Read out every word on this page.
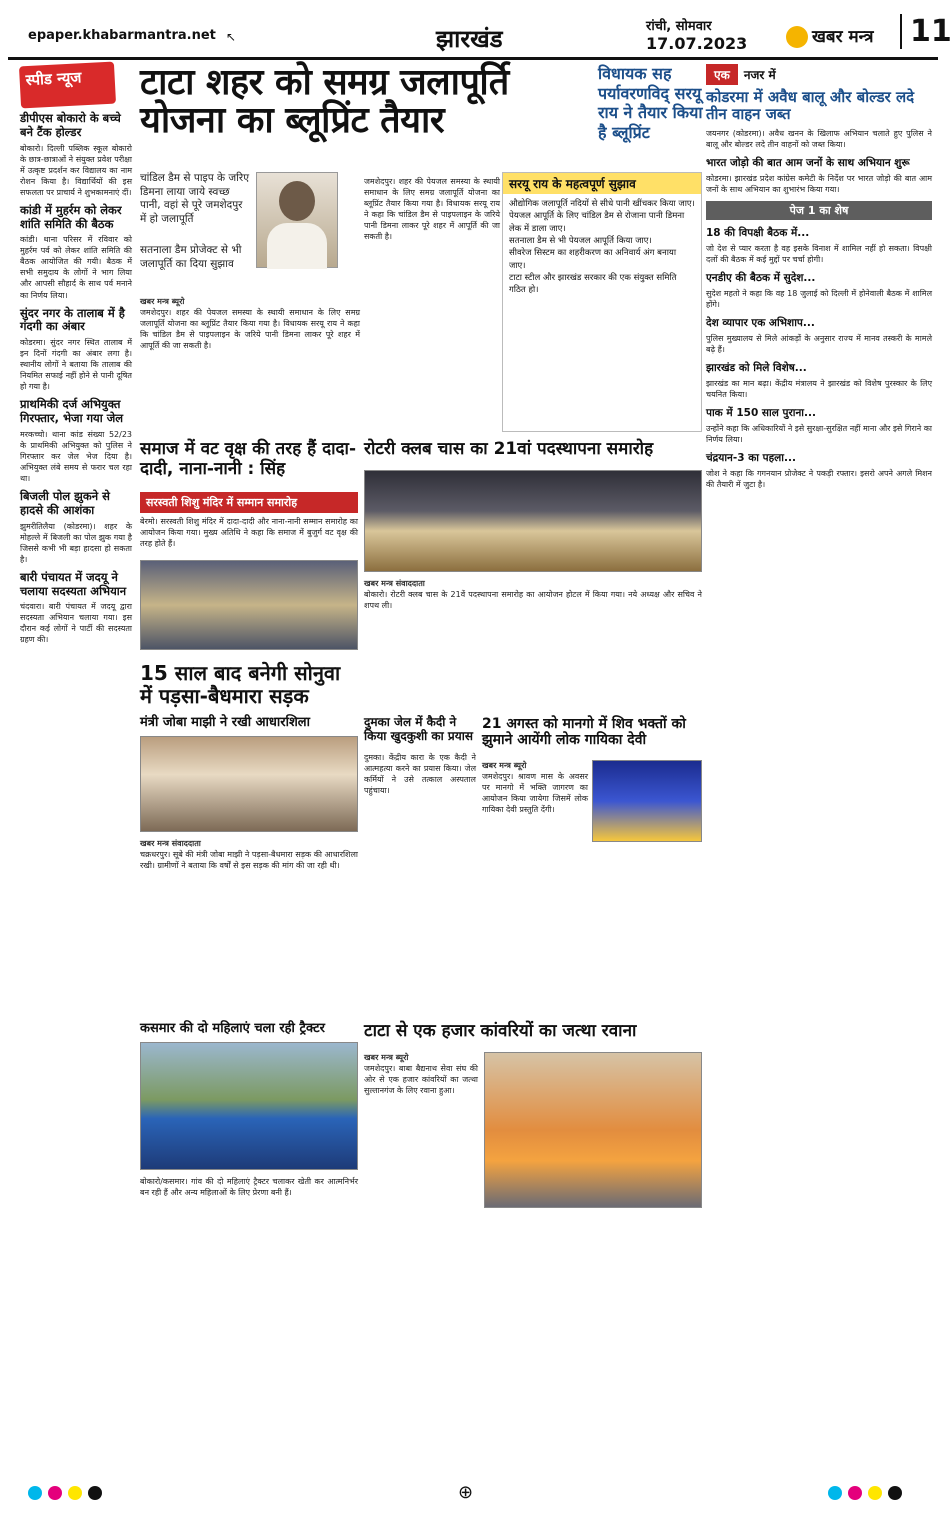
epaper.khabarmantra.net ↖	झारखंड	रांची, सोमवार
17.07.2023	खबर मन्त्र	11
स्पीड न्यूज
डीपीएस बोकारो के बच्चे बने टैंक होल्डर
बोकारो। दिल्ली पब्लिक स्कूल बोकारो के छात्र-छात्राओं ने संयुक्त प्रवेश परीक्षा में उत्कृष्ट प्रदर्शन कर विद्यालय का नाम रोशन किया है। विद्यार्थियों की इस सफलता पर प्राचार्य ने शुभकामनाएं दीं।
कांडी में मुहर्रम को लेकर शांति समिति की बैठक
कांडी। थाना परिसर में रविवार को मुहर्रम पर्व को लेकर शांति समिति की बैठक आयोजित की गयी। बैठक में सभी समुदाय के लोगों ने भाग लिया और आपसी सौहार्द के साथ पर्व मनाने का निर्णय लिया।
सुंदर नगर के तालाब में है गंदगी का अंबार
कोडरमा। सुंदर नगर स्थित तालाब में इन दिनों गंदगी का अंबार लगा है। स्थानीय लोगों ने बताया कि तालाब की नियमित सफाई नहीं होने से पानी दूषित हो गया है।
प्राथमिकी दर्ज अभियुक्त गिरफ्तार, भेजा गया जेल
मरकच्चो। थाना कांड संख्या 52/23 के प्राथमिकी अभियुक्त को पुलिस ने गिरफ्तार कर जेल भेज दिया है। अभियुक्त लंबे समय से फरार चल रहा था।
बिजली पोल झुकने से हादसे की आशंका
झुमरीतिलैया (कोडरमा)। शहर के मोहल्ले में बिजली का पोल झुक गया है जिससे कभी भी बड़ा हादसा हो सकता है।
बारी पंचायत में जदयू ने चलाया सदस्यता अभियान
चंदवारा। बारी पंचायत में जदयू द्वारा सदस्यता अभियान चलाया गया। इस दौरान कई लोगों ने पार्टी की सदस्यता ग्रहण की।
टाटा शहर को समग्र जलापूर्ति योजना का ब्लूप्रिंट तैयार
विधायक सह पर्यावरणविद् सरयू राय ने तैयार किया है ब्लूप्रिंट
चांडिल डैम से पाइप के जरिए डिमना लाया जाये स्वच्छ पानी, वहां से पूरे जमशेदपुर में हो जलापूर्ति
सतनाला डैम प्रोजेक्ट से भी जलापूर्ति का दिया सुझाव
खबर मन्त्र ब्यूरो
जमशेदपुर। शहर की पेयजल समस्या के स्थायी समाधान के लिए समग्र जलापूर्ति योजना का ब्लूप्रिंट तैयार किया गया है। विधायक सरयू राय ने कहा कि चांडिल डैम से पाइपलाइन के जरिये पानी डिमना लाकर पूरे शहर में आपूर्ति की जा सकती है।
जमशेदपुर। शहर की पेयजल समस्या के स्थायी समाधान के लिए समग्र जलापूर्ति योजना का ब्लूप्रिंट तैयार किया गया है। विधायक सरयू राय ने कहा कि चांडिल डैम से पाइपलाइन के जरिये पानी डिमना लाकर पूरे शहर में आपूर्ति की जा सकती है।
सरयू राय के महत्वपूर्ण सुझाव
औद्योगिक जलापूर्ति नदियों से सीधे पानी खींचकर किया जाए।
पेयजल आपूर्ति के लिए चांडिल डैम से रोजाना पानी डिमना लेक में डाला जाए।
सतनाला डैम से भी पेयजल आपूर्ति किया जाए।
सीवरेज सिस्टम का शहरीकरण का अनिवार्य अंग बनाया जाए।
टाटा स्टील और झारखंड सरकार की एक संयुक्त समिति गठित हो।
समाज में वट वृक्ष की तरह हैं दादा-दादी, नाना-नानी : सिंह
सरस्वती शिशु मंदिर में सम्मान समारोह
बेरमो। सरस्वती शिशु मंदिर में दादा-दादी और नाना-नानी सम्मान समारोह का आयोजन किया गया। मुख्य अतिथि ने कहा कि समाज में बुजुर्ग वट वृक्ष की तरह होते हैं।
रोटरी क्लब चास का 21वां पदस्थापना समारोह
खबर मन्त्र संवाददाता
बोकारो। रोटरी क्लब चास के 21वें पदस्थापना समारोह का आयोजन होटल में किया गया। नये अध्यक्ष और सचिव ने शपथ ली।
15 साल बाद बनेगी सोनुवा में पड़सा-बैधमारा सड़क
मंत्री जोबा माझी ने रखी आधारशिला
खबर मन्त्र संवाददाता
चक्रधरपुर। सूबे की मंत्री जोबा माझी ने पड़सा-बैधमारा सड़क की आधारशिला रखी। ग्रामीणों ने बताया कि वर्षों से इस सड़क की मांग की जा रही थी।
दुमका जेल में कैदी ने किया खुदकुशी का प्रयास
दुमका। केंद्रीय कारा के एक कैदी ने आत्महत्या करने का प्रयास किया। जेल कर्मियों ने उसे तत्काल अस्पताल पहुंचाया।
21 अगस्त को मानगो में शिव भक्तों को झुमाने आयेंगी लोक गायिका देवी
खबर मन्त्र ब्यूरो
जमशेदपुर। श्रावण मास के अवसर पर मानगो में भक्ति जागरण का आयोजन किया जायेगा जिसमें लोक गायिका देवी प्रस्तुति देंगी।
कसमार की दो महिलाएं चला रही ट्रैक्टर
बोकारो/कसमार। गांव की दो महिलाएं ट्रैक्टर चलाकर खेती कर आत्मनिर्भर बन रही हैं और अन्य महिलाओं के लिए प्रेरणा बनी हैं।
टाटा से एक हजार कांवरियों का जत्था रवाना
खबर मन्त्र ब्यूरो
जमशेदपुर। बाबा बैद्यनाथ सेवा संघ की ओर से एक हजार कांवरियों का जत्था सुल्तानगंज के लिए रवाना हुआ।
एक	नजर में
कोडरमा में अवैध बालू और बोल्डर लदे तीन वाहन जब्त
जयनगर (कोडरमा)। अवैध खनन के खिलाफ अभियान चलाते हुए पुलिस ने बालू और बोल्डर लदे तीन वाहनों को जब्त किया।
भारत जोड़ो की बात आम जनों के साथ अभियान शुरू
कोडरमा। झारखंड प्रदेश कांग्रेस कमेटी के निर्देश पर भारत जोड़ो की बात आम जनों के साथ अभियान का शुभारंभ किया गया।
पेज 1 का शेष
18 की विपक्षी बैठक में...
जो देश से प्यार करता है वह इसके विनाश में शामिल नहीं हो सकता। विपक्षी दलों की बैठक में कई मुद्दों पर चर्चा होगी।
एनडीए की बैठक में सुदेश...
सुदेश महतो ने कहा कि वह 18 जुलाई को दिल्ली में होनेवाली बैठक में शामिल होंगे।
देश व्यापार एक अभिशाप...
पुलिस मुख्यालय से मिले आंकड़ों के अनुसार राज्य में मानव तस्करी के मामले बढ़े हैं।
झारखंड को मिले विशेष...
झारखंड का मान बढ़ा। केंद्रीय मंत्रालय ने झारखंड को विशेष पुरस्कार के लिए चयनित किया।
पाक में 150 साल पुराना...
उन्होंने कहा कि अधिकारियों ने इसे सुरक्षा-सुरक्षित नहीं माना और इसे गिराने का निर्णय लिया।
चंद्रयान-3 का पहला...
जोश ने कहा कि गगनयान प्रोजेक्ट ने पकड़ी रफ्तार। इसरो अपने अगले मिशन की तैयारी में जुटा है।
⊕
